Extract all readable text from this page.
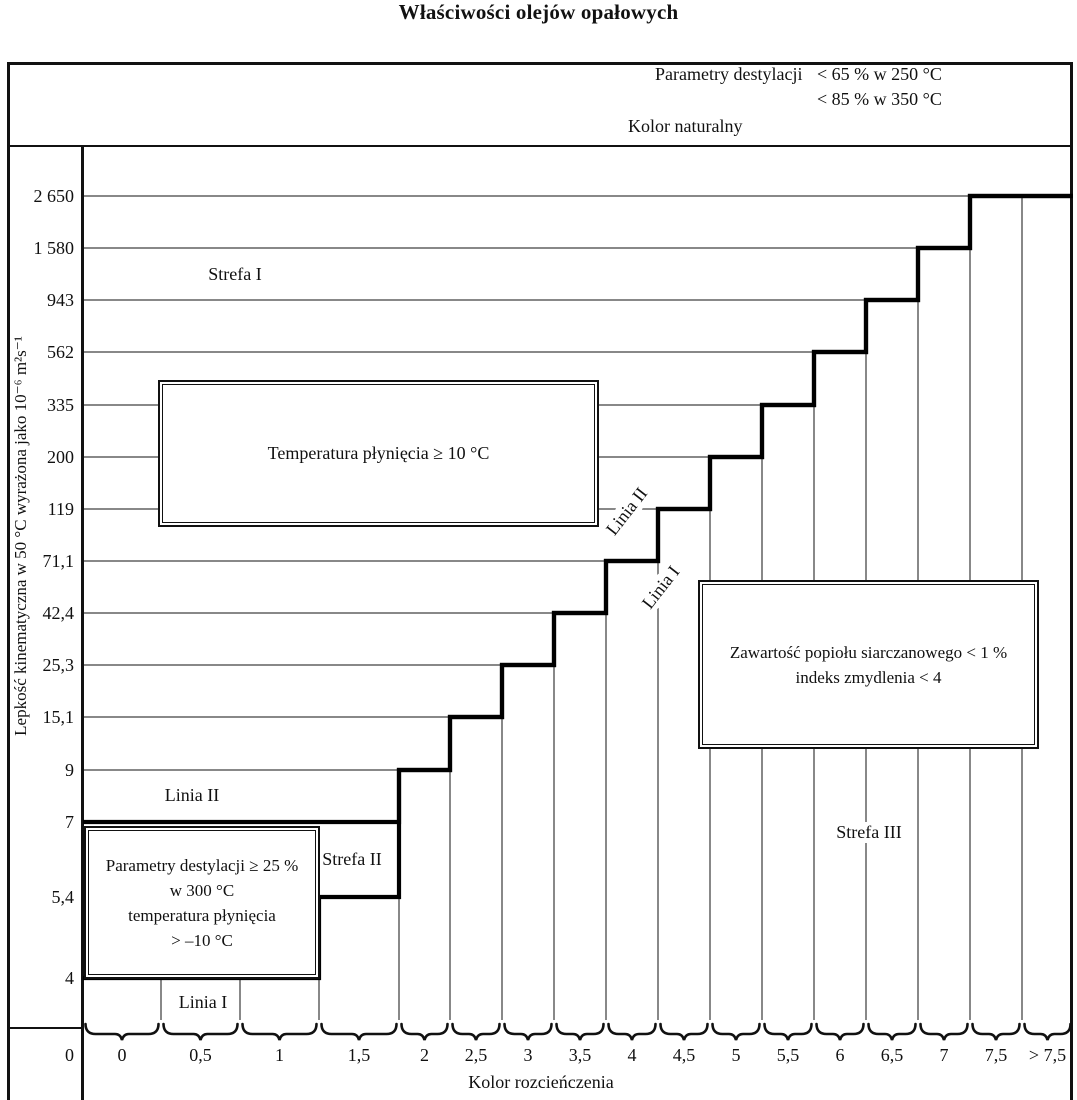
Właściwości olejów opałowych
Parametry destylacji < 65 % w 250 °C
< 85 % w 350 °C
Kolor naturalny
Lepkość kinematyczna w 50 °C wyrażona jako 10⁻⁶ m²s⁻¹
Kolor rozcieńczenia
Strefa I
Strefa II
Strefa III
Linia II
Linia I
Linia II
Linia I
Temperatura płynięcia ≥ 10 °C
Zawartość popiołu siarczanowego < 1 %
indeks zmydlenia < 4
Parametry destylacji ≥ 25 %
w 300 °C
temperatura płynięcia
> –10 °C
2 650
1 580
943
562
335
200
119
71,1
42,4
25,3
15,1
9
7
5,4
4
0 0	0,5	1	1,5	2 2,5 3 3,5 4 4,5 5 5,5 6 6,5 7 7,5 > 7,5
